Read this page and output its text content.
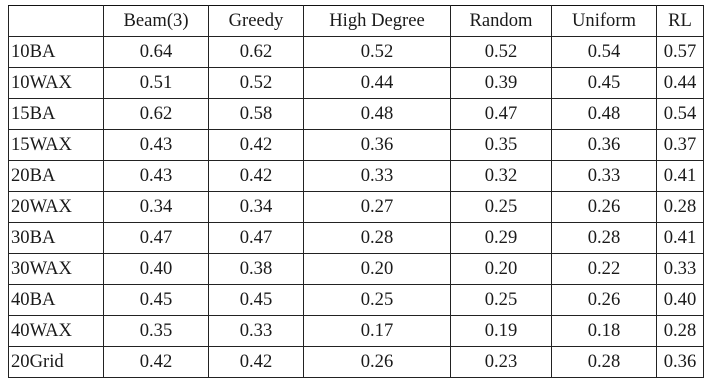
	Beam(3)	Greedy	High Degree	Random	Uniform	RL
10BA	0.64	0.62	0.52	0.52	0.54	0.57
10WAX	0.51	0.52	0.44	0.39	0.45	0.44
15BA	0.62	0.58	0.48	0.47	0.48	0.54
15WAX	0.43	0.42	0.36	0.35	0.36	0.37
20BA	0.43	0.42	0.33	0.32	0.33	0.41
20WAX	0.34	0.34	0.27	0.25	0.26	0.28
30BA	0.47	0.47	0.28	0.29	0.28	0.41
30WAX	0.40	0.38	0.20	0.20	0.22	0.33
40BA	0.45	0.45	0.25	0.25	0.26	0.40
40WAX	0.35	0.33	0.17	0.19	0.18	0.28
20Grid	0.42	0.42	0.26	0.23	0.28	0.36
